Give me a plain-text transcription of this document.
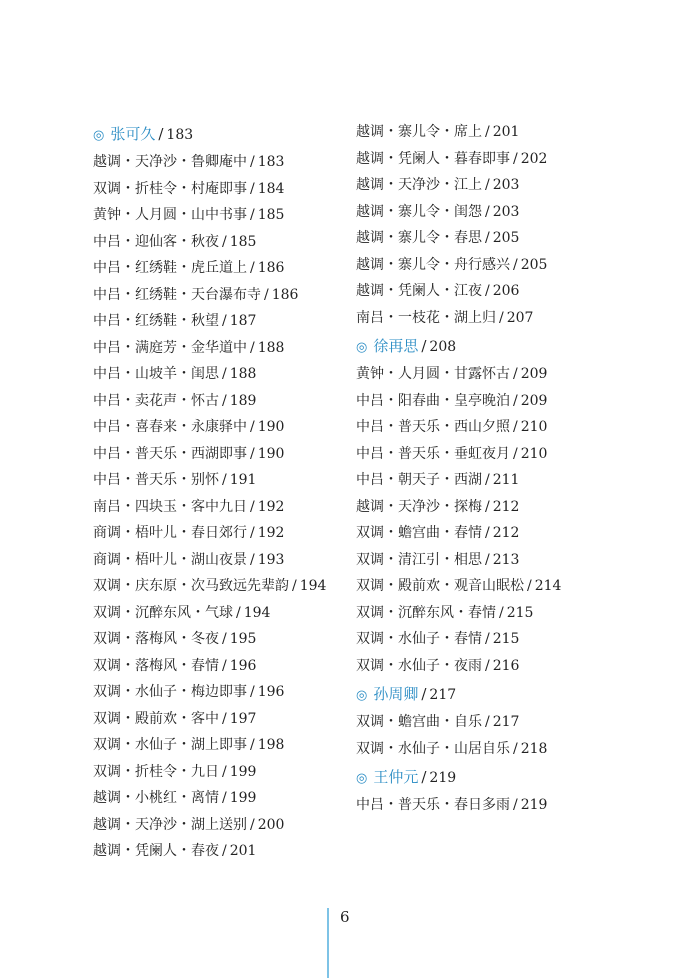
◎ 张可久 / 183
越调・天净沙・鲁卿庵中 / 183
双调・折桂令・村庵即事 / 184
黄钟・人月圆・山中书事 / 185
中吕・迎仙客・秋夜 / 185
中吕・红绣鞋・虎丘道上 / 186
中吕・红绣鞋・天台瀑布寺 / 186
中吕・红绣鞋・秋望 / 187
中吕・满庭芳・金华道中 / 188
中吕・山坡羊・闺思 / 188
中吕・卖花声・怀古 / 189
中吕・喜春来・永康驿中 / 190
中吕・普天乐・西湖即事 / 190
中吕・普天乐・别怀 / 191
南吕・四块玉・客中九日 / 192
商调・梧叶儿・春日郊行 / 192
商调・梧叶儿・湖山夜景 / 193
双调・庆东原・次马致远先辈韵 / 194
双调・沉醉东风・气球 / 194
双调・落梅风・冬夜 / 195
双调・落梅风・春情 / 196
双调・水仙子・梅边即事 / 196
双调・殿前欢・客中 / 197
双调・水仙子・湖上即事 / 198
双调・折桂令・九日 / 199
越调・小桃红・离情 / 199
越调・天净沙・湖上送别 / 200
越调・凭阑人・春夜 / 201
越调・寨儿令・席上 / 201
越调・凭阑人・暮春即事 / 202
越调・天净沙・江上 / 203
越调・寨儿令・闺怨 / 203
越调・寨儿令・春思 / 205
越调・寨儿令・舟行感兴 / 205
越调・凭阑人・江夜 / 206
南吕・一枝花・湖上归 / 207
◎ 徐再思 / 208
黄钟・人月圆・甘露怀古 / 209
中吕・阳春曲・皇亭晚泊 / 209
中吕・普天乐・西山夕照 / 210
中吕・普天乐・垂虹夜月 / 210
中吕・朝天子・西湖 / 211
越调・天净沙・探梅 / 212
双调・蟾宫曲・春情 / 212
双调・清江引・相思 / 213
双调・殿前欢・观音山眠松 / 214
双调・沉醉东风・春情 / 215
双调・水仙子・春情 / 215
双调・水仙子・夜雨 / 216
◎ 孙周卿 / 217
双调・蟾宫曲・自乐 / 217
双调・水仙子・山居自乐 / 218
◎ 王仲元 / 219
中吕・普天乐・春日多雨 / 219
6
